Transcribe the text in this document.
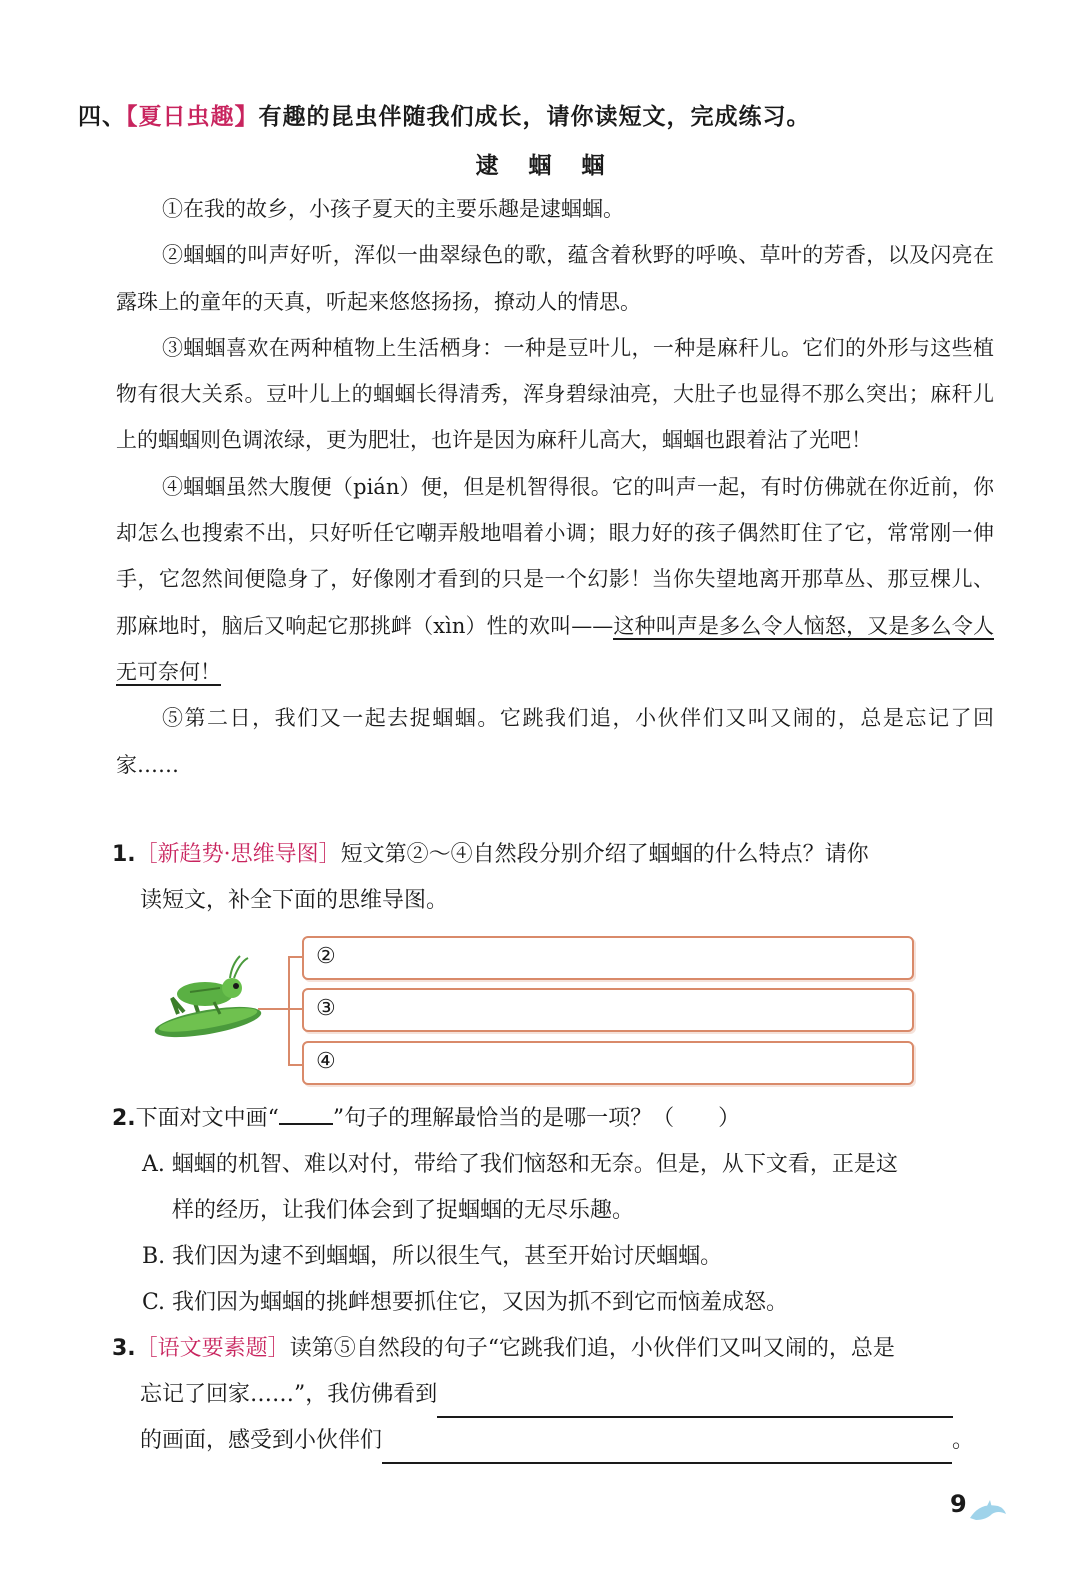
四、【夏日虫趣】有趣的昆虫伴随我们成长，请你读短文，完成练习。
逮蝈蝈

①在我的故乡，小孩子夏天的主要乐趣是逮蝈蝈。

②蝈蝈的叫声好听，浑似一曲翠绿色的歌，蕴含着秋野的呼唤、草叶的芳香，以及闪亮在露珠上的童年的天真，听起来悠悠扬扬，撩动人的情思。

③蝈蝈喜欢在两种植物上生活栖身：一种是豆叶儿，一种是麻秆儿。它们的外形与这些植物有很大关系。豆叶儿上的蝈蝈长得清秀，浑身碧绿油亮，大肚子也显得不那么突出；麻秆儿上的蝈蝈则色调浓绿，更为肥壮，也许是因为麻秆儿高大，蝈蝈也跟着沾了光吧！

④蝈蝈虽然大腹便（pián）便，但是机智得很。它的叫声一起，有时仿佛就在你近前，你却怎么也搜索不出，只好听任它嘲弄般地唱着小调；眼力好的孩子偶然盯住了它，常常刚一伸手，它忽然间便隐身了，好像刚才看到的只是一个幻影！当你失望地离开那草丛、那豆棵儿、那麻地时，脑后又响起它那挑衅（xìn）性的欢叫——这种叫声是多么令人恼怒，又是多么令人无可奈何！

⑤第二日，我们又一起去捉蝈蝈。它跳我们追，小伙伴们又叫又闹的，总是忘记了回家……

1.［新趋势·思维导图］短文第②～④自然段分别介绍了蝈蝈的什么特点？请你
读短文，补全下面的思维导图。
②
③
④
2.下面对文中画“ ”句子的理解最恰当的是哪一项？（　　）

A. 蝈蝈的机智、难以对付，带给了我们恼怒和无奈。但是，从下文看，正是这
样的经历，让我们体会到了捉蝈蝈的无尽乐趣。
B. 我们因为逮不到蝈蝈，所以很生气，甚至开始讨厌蝈蝈。
C. 我们因为蝈蝈的挑衅想要抓住它，又因为抓不到它而恼羞成怒。
3.［语文要素题］读第⑤自然段的句子“它跳我们追，小伙伴们又叫又闹的，总是
忘记了回家……”，我仿佛看到
的画面，感受到小伙伴们	。
9
